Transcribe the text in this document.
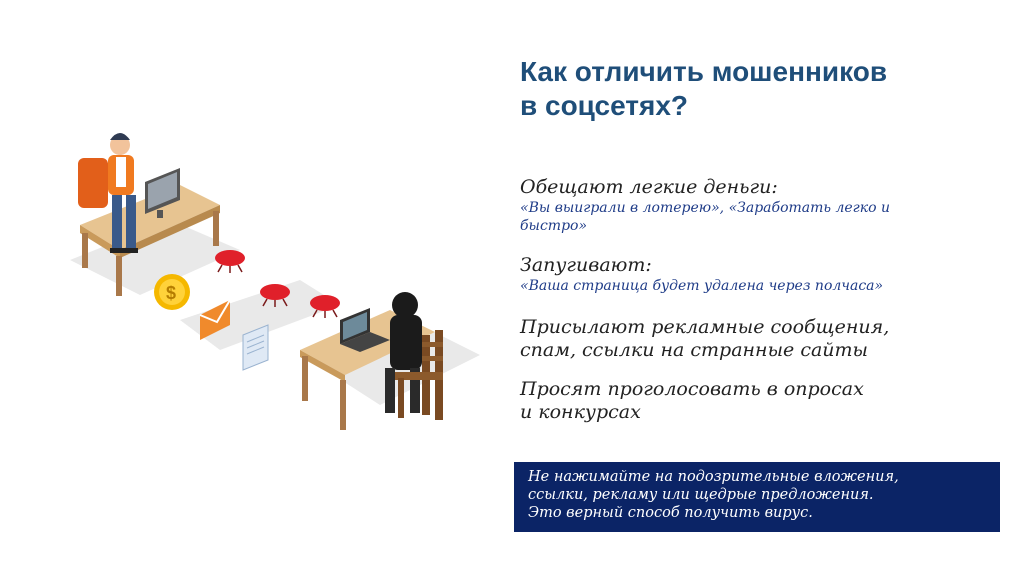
$
Как отличить мошенников
в соцсетях?
Обещают легкие деньги:
«Вы выиграли в лотерею», «Заработать легко и
быстро»
Запугивают:
«Ваша страница будет удалена через полчаса»
Присылают рекламные сообщения,
спам, ссылки на странные сайты
Просят проголосовать в опросах
и конкурсах
Не нажимайте на подозрительные вложения,
ссылки, рекламу или щедрые предложения.
Это верный способ получить вирус.
